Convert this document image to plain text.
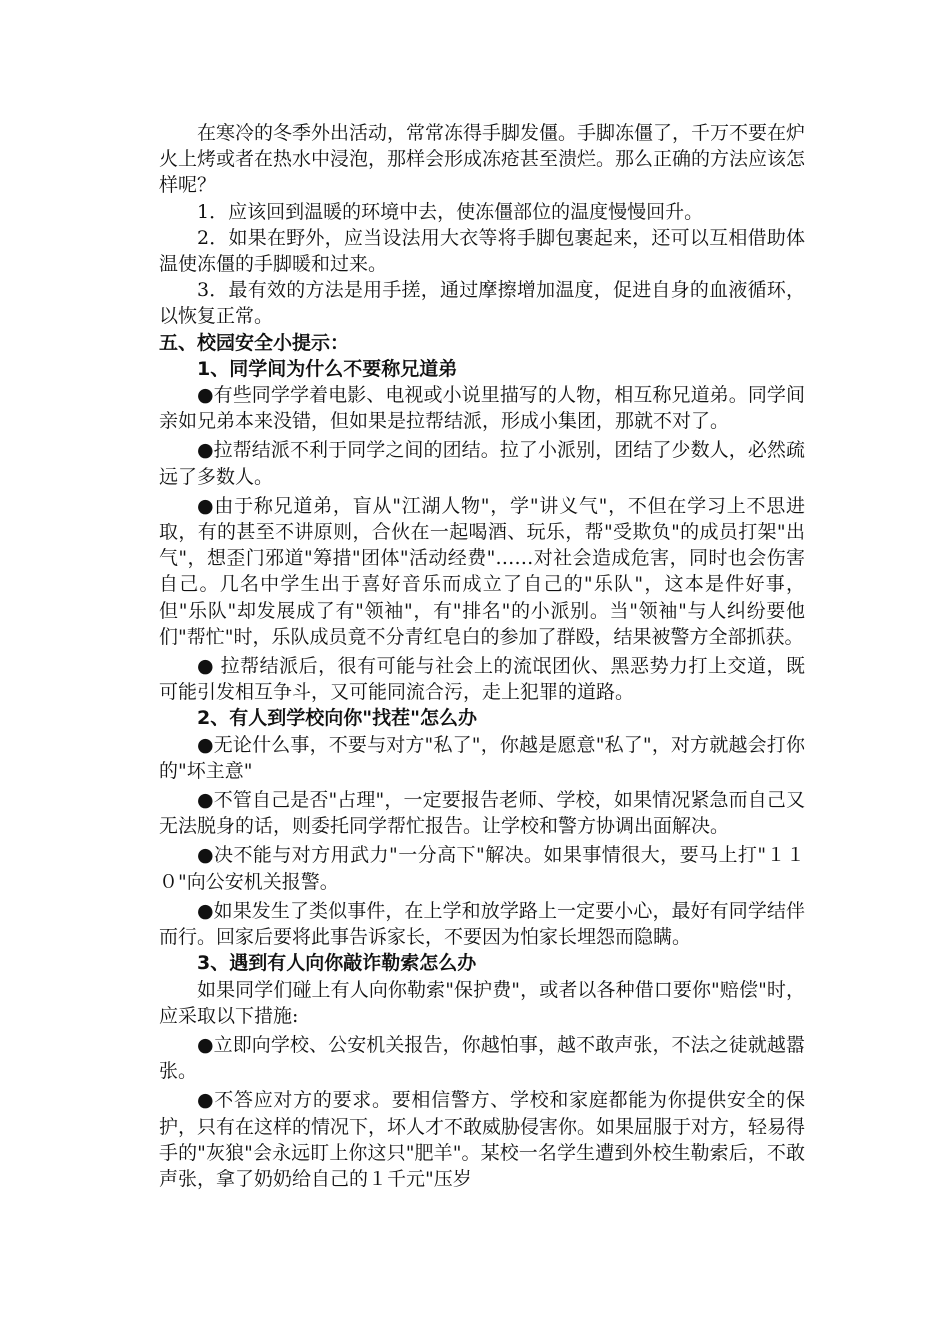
在寒冷的冬季外出活动，常常冻得手脚发僵。手脚冻僵了，千万不要在炉火上烤或者在热水中浸泡，那样会形成冻疮甚至溃烂。那么正确的方法应该怎样呢？

1．应该回到温暖的环境中去，使冻僵部位的温度慢慢回升。

2．如果在野外，应当设法用大衣等将手脚包裹起来，还可以互相借助体温使冻僵的手脚暖和过来。

3．最有效的方法是用手搓，通过摩擦增加温度，促进自身的血液循环，以恢复正常。

五、校园安全小提示：

1、同学间为什么不要称兄道弟

●有些同学学着电影、电视或小说里描写的人物，相互称兄道弟。同学间亲如兄弟本来没错，但如果是拉帮结派，形成小集团，那就不对了。

●拉帮结派不利于同学之间的团结。拉了小派别，团结了少数人，必然疏远了多数人。

●由于称兄道弟，盲从"江湖人物"，学"讲义气"，不但在学习上不思进取，有的甚至不讲原则，合伙在一起喝酒、玩乐，帮"受欺负"的成员打架"出气"，想歪门邪道"筹措"团体"活动经费"……对社会造成危害，同时也会伤害自己。几名中学生出于喜好音乐而成立了自己的"乐队"，这本是件好事，但"乐队"却发展成了有"领袖"，有"排名"的小派别。当"领袖"与人纠纷要他们"帮忙"时，乐队成员竟不分青红皂白的参加了群殴，结果被警方全部抓获。

● 拉帮结派后，很有可能与社会上的流氓团伙、黑恶势力打上交道，既可能引发相互争斗，又可能同流合污，走上犯罪的道路。

2、有人到学校向你"找茬"怎么办

●无论什么事，不要与对方"私了"，你越是愿意"私了"，对方就越会打你的"坏主意"

●不管自己是否"占理"，一定要报告老师、学校，如果情况紧急而自己又无法脱身的话，则委托同学帮忙报告。让学校和警方协调出面解决。

●决不能与对方用武力"一分高下"解决。如果事情很大，要马上打"１１０"向公安机关报警。

●如果发生了类似事件，在上学和放学路上一定要小心，最好有同学结伴而行。回家后要将此事告诉家长，不要因为怕家长埋怨而隐瞒。

3、遇到有人向你敲诈勒索怎么办

如果同学们碰上有人向你勒索"保护费"，或者以各种借口要你"赔偿"时，应采取以下措施:

●立即向学校、公安机关报告，你越怕事，越不敢声张，不法之徒就越嚣张。

●不答应对方的要求。要相信警方、学校和家庭都能为你提供安全的保护，只有在这样的情况下，坏人才不敢威胁侵害你。如果屈服于对方，轻易得手的"灰狼"会永远盯上你这只"肥羊"。某校一名学生遭到外校生勒索后，不敢声张，拿了奶奶给自己的１千元"压岁
